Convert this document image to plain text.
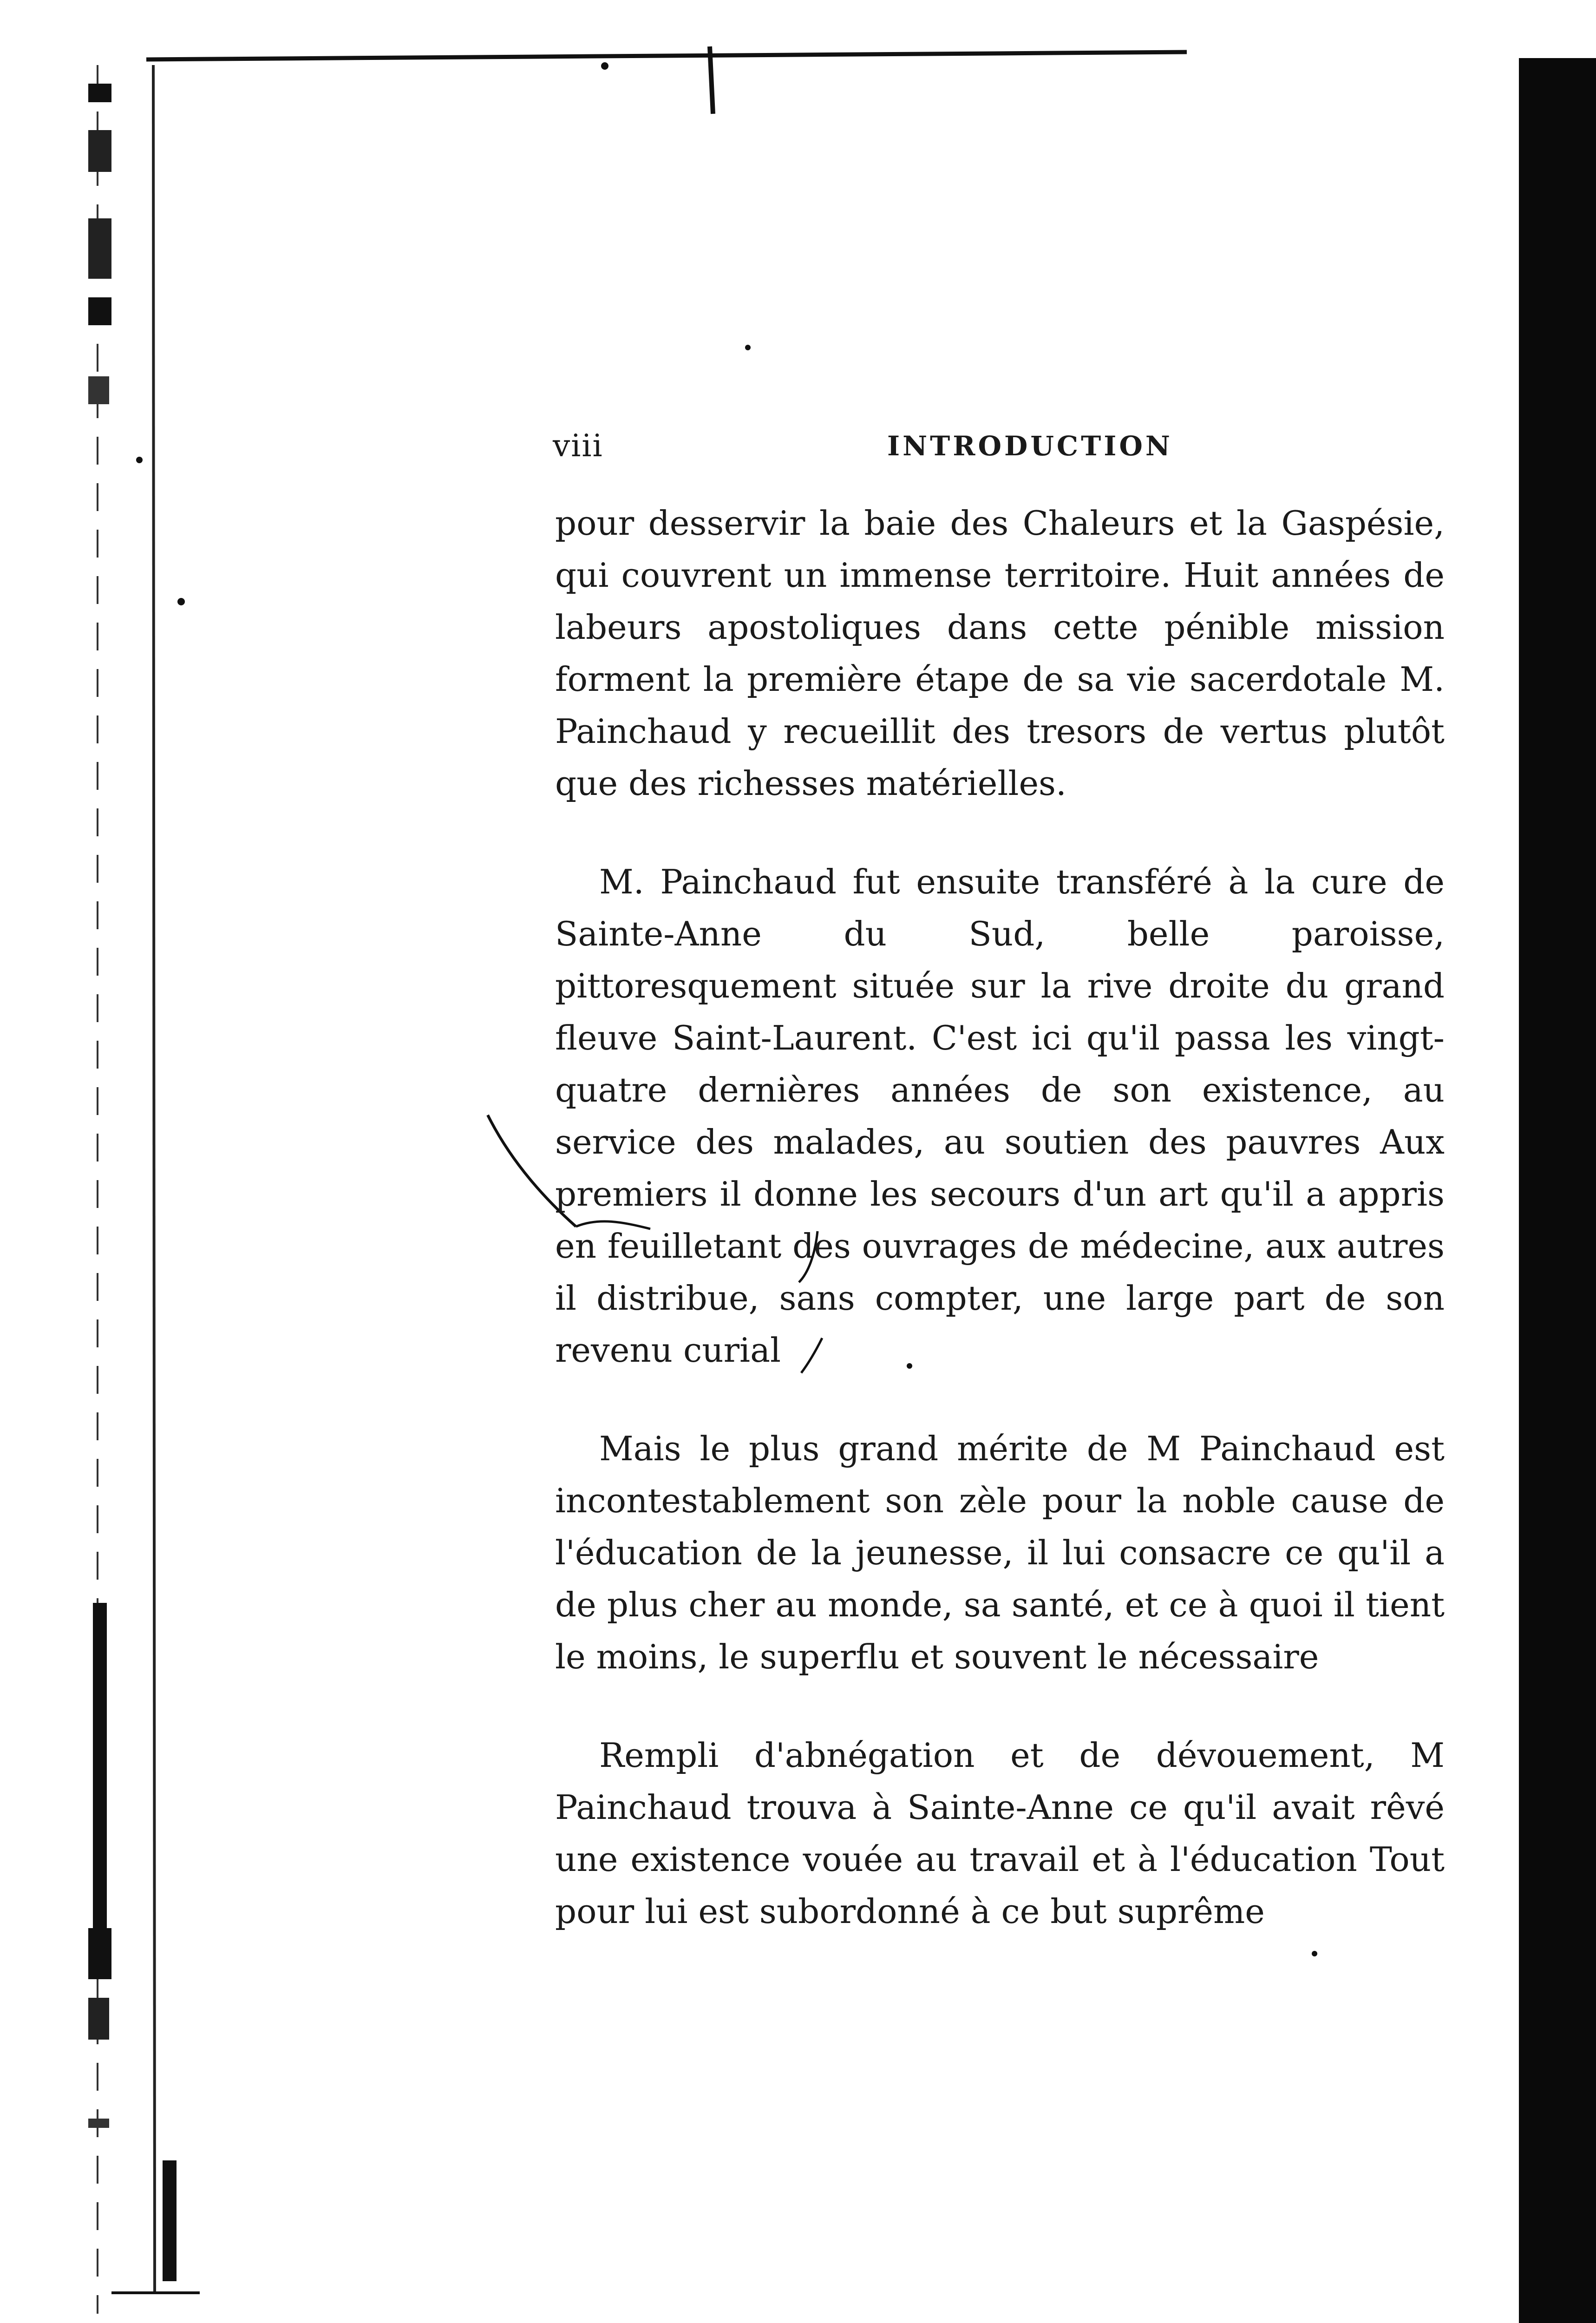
viii	INTRODUCTION

pour desservir la baie des Chaleurs et la Gaspésie, qui couvrent un immense territoire. Huit années de labeurs apostoliques dans cette pénible mission forment la première étape de sa vie sacerdotale M. Painchaud y recueillit des tresors de vertus plutôt que des richesses matérielles.

M. Painchaud fut ensuite transféré à la cure de Sainte-Anne du Sud, belle paroisse, pittoresquement située sur la rive droite du grand fleuve Saint-Laurent. C'est ici qu'il passa les vingt-quatre dernières années de son existence, au service des malades, au soutien des pauvres Aux premiers il donne les secours d'un art qu'il a appris en feuilletant des ouvrages de médecine, aux autres il distribue, sans compter, une large part de son revenu curial

Mais le plus grand mérite de M Painchaud est incontestablement son zèle pour la noble cause de l'éducation de la jeunesse, il lui consacre ce qu'il a de plus cher au monde, sa santé, et ce à quoi il tient le moins, le superflu et souvent le nécessaire

Rempli d'abnégation et de dévouement, M Painchaud trouva à Sainte-Anne ce qu'il avait rêvé une existence vouée au travail et à l'éducation Tout pour lui est subordonné à ce but suprême
